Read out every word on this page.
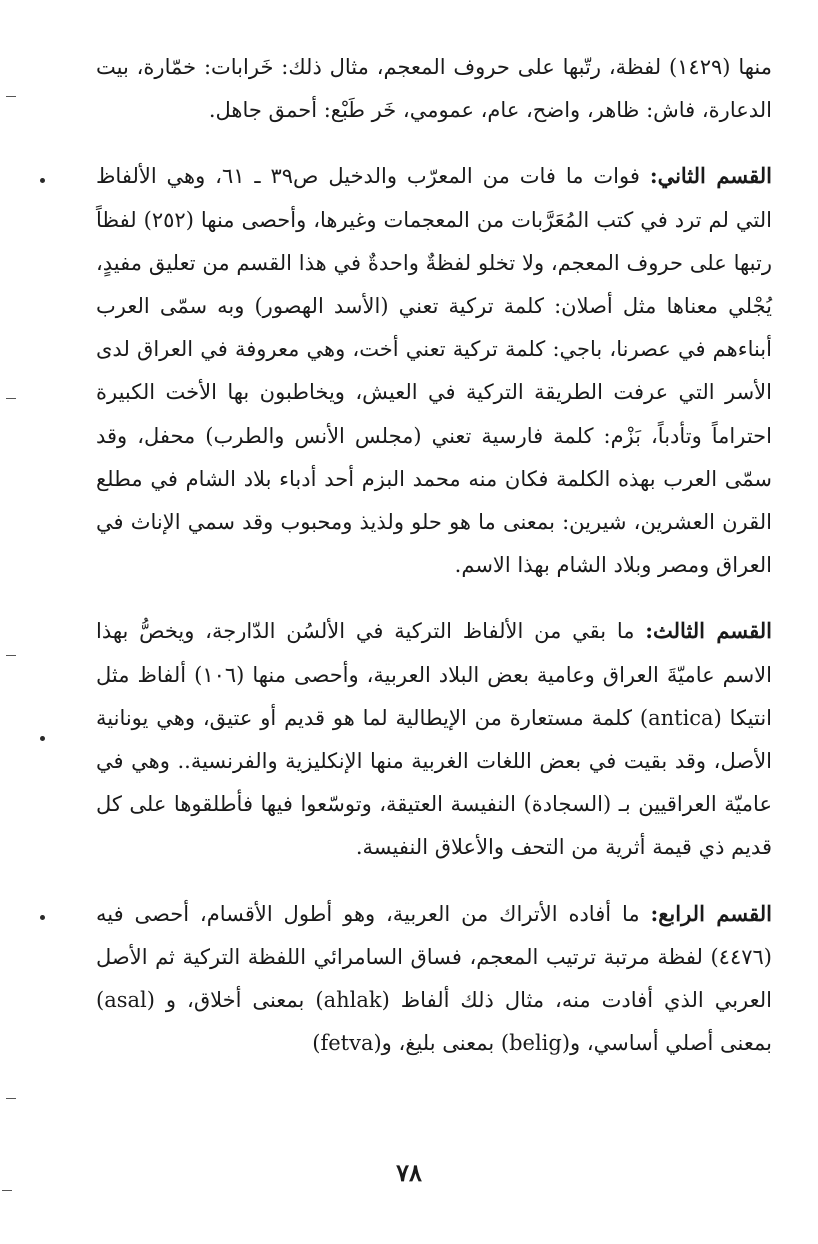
منها (١٤٢٩) لفظة، رتّبها على حروف المعجم، مثال ذلك: خَرابات: خمّارة، بيت الدعارة، فاش: ظاهر، واضح، عام، عمومي، خَر طَبْع: أحمق جاهل.

القسم الثاني: فوات ما فات من المعرّب والدخيل ص٣٩ ـ ٦١، وهي الألفاظ التي لم ترد في كتب المُعَرَّبات من المعجمات وغيرها، وأحصى منها (٢٥٢) لفظاً رتبها على حروف المعجم، ولا تخلو لفظةٌ واحدةٌ في هذا القسم من تعليق مفيدٍ، يُجْلي معناها مثل أصلان: كلمة تركية تعني (الأسد الهصور) وبه سمّى العرب أبناءهم في عصرنا، باجي: كلمة تركية تعني أخت، وهي معروفة في العراق لدى الأسر التي عرفت الطريقة التركية في العيش، ويخاطبون بها الأخت الكبيرة احتراماً وتأدباً، بَزْم: كلمة فارسية تعني (مجلس الأنس والطرب) محفل، وقد سمّى العرب بهذه الكلمة فكان منه محمد البزم أحد أدباء بلاد الشام في مطلع القرن العشرين، شيرين: بمعنى ما هو حلو ولذيذ ومحبوب وقد سمي الإناث في العراق ومصر وبلاد الشام بهذا الاسم.

القسم الثالث: ما بقي من الألفاظ التركية في الألسُن الدّارجة، ويخصُّ بهذا الاسم عاميّةَ العراق وعامية بعض البلاد العربية، وأحصى منها (١٠٦) ألفاظ مثل انتيكا (antica) كلمة مستعارة من الإيطالية لما هو قديم أو عتيق، وهي يونانية الأصل، وقد بقيت في بعض اللغات الغربية منها الإنكليزية والفرنسية.. وهي في عاميّة العراقيين بـ (السجادة) النفيسة العتيقة، وتوسّعوا فيها فأطلقوها على كل قديم ذي قيمة أثرية من التحف والأعلاق النفيسة.

القسم الرابع: ما أفاده الأتراك من العربية، وهو أطول الأقسام، أحصى فيه (٤٤٧٦) لفظة مرتبة ترتيب المعجم، فساق السامرائي اللفظة التركية ثم الأصل العربي الذي أفادت منه، مثال ذلك ألفاظ (ahlak) بمعنى أخلاق، و (asal) بمعنى أصلي أساسي، و(belig) بمعنى بليغ، و(fetva)

٧٨
